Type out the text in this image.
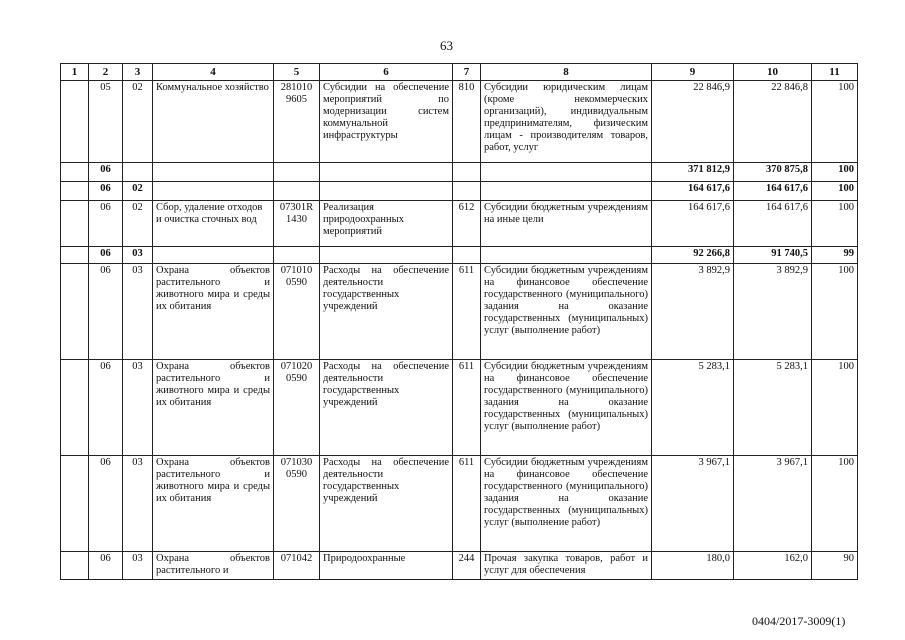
63
1	2	3	4	5	6	7	8	9	10	11
	05	02	Коммунальное хозяйство	281010 9605	Субсидии на обеспечение мероприятий по модернизации систем коммунальной инфраструктуры	810	Субсидии юридическим лицам (кроме некоммерческих организаций), индивидуальным предпринимателям, физическим лицам - производителям товаров, работ, услуг	22 846,9	22 846,8	100
	06							371 812,9	370 875,8	100
	06	02						164 617,6	164 617,6	100
	06	02	Сбор, удаление отходов и очистка сточных вод	07301R 1430	Реализация природоохранных мероприятий	612	Субсидии бюджетным учреждениям на иные цели	164 617,6	164 617,6	100
	06	03						92 266,8	91 740,5	99
	06	03	Охрана объектов растительного и животного мира и среды их обитания	071010 0590	Расходы на обеспечение деятельности государственных учреждений	611	Субсидии бюджетным учреждениям на финансовое обеспечение государственного (муниципального) задания на оказание государственных (муниципальных) услуг (выполнение работ)	3 892,9	3 892,9	100
	06	03	Охрана объектов растительного и животного мира и среды их обитания	071020 0590	Расходы на обеспечение деятельности государственных учреждений	611	Субсидии бюджетным учреждениям на финансовое обеспечение государственного (муниципального) задания на оказание государственных (муниципальных) услуг (выполнение работ)	5 283,1	5 283,1	100
	06	03	Охрана объектов растительного и животного мира и среды их обитания	071030 0590	Расходы на обеспечение деятельности государственных учреждений	611	Субсидии бюджетным учреждениям на финансовое обеспечение государственного (муниципального) задания на оказание государственных (муниципальных) услуг (выполнение работ)	3 967,1	3 967,1	100
	06	03	Охрана объектов растительного и	071042	Природоохранные	244	Прочая закупка товаров, работ и услуг для обеспечения	180,0	162,0	90
0404/2017-3009(1)
